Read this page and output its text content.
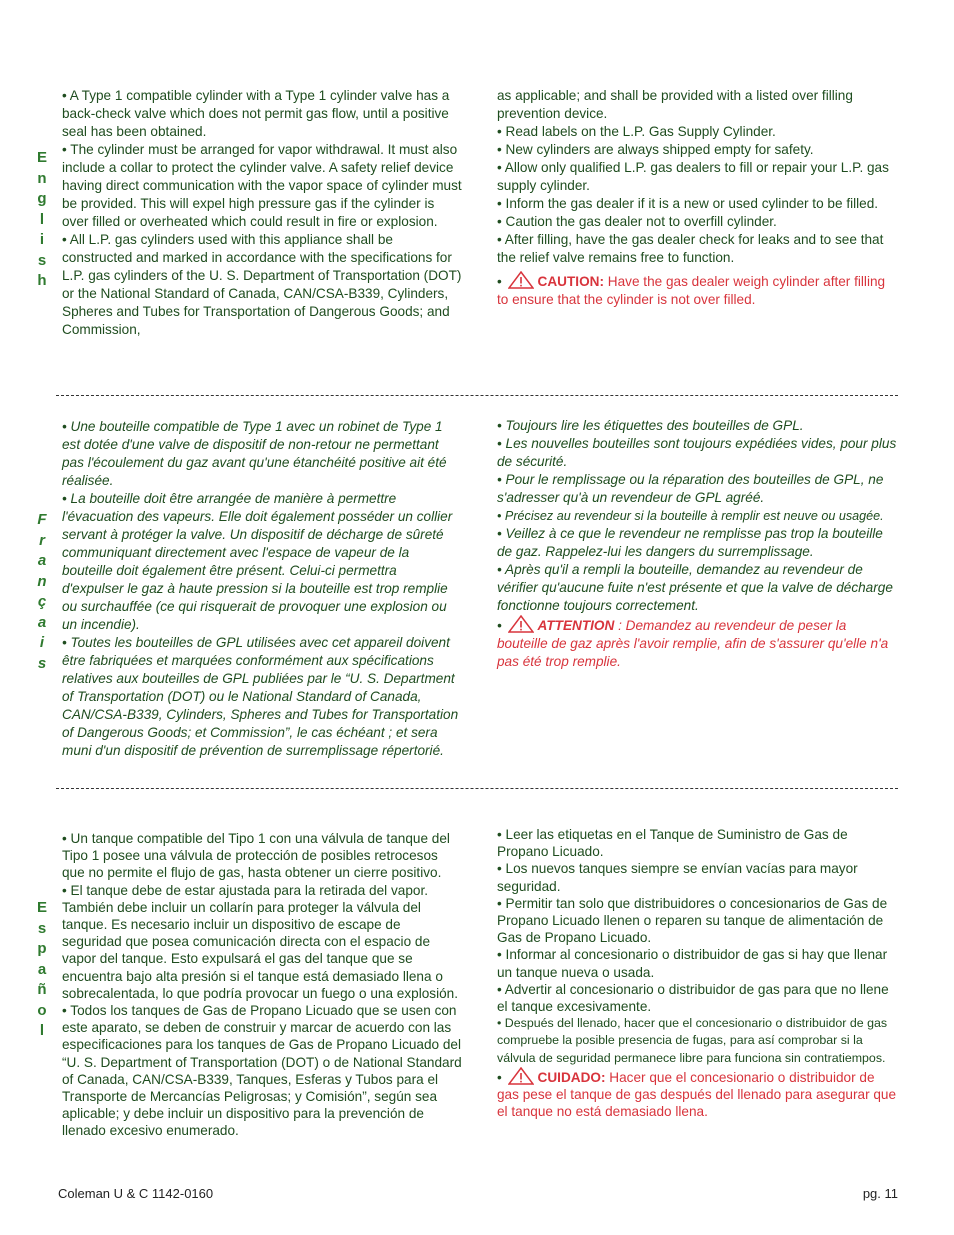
E
n
g
l
i
s
h

• A Type 1 compatible cylinder with a Type 1 cylinder valve has a back-check valve which does not permit gas flow, until a positive seal has been obtained.

• The cylinder must be arranged for vapor withdrawal. It must also include a collar to protect the cylinder valve. A safety relief device having direct communication with the vapor space of cylinder must be provided. This will expel high pressure gas if the cylinder is over filled or overheated which could result in fire or explosion.

• All L.P. gas cylinders used with this appliance shall be constructed and marked in accordance with the specifications for L.P. gas cylinders of the U. S. Department of Transportation (DOT) or the National Standard of Canada, CAN/CSA-B339, Cylinders, Spheres and Tubes for Transportation of Dangerous Goods; and Commission,

as applicable; and shall be provided with a listed over filling prevention device.

• Read labels on the L.P. Gas Supply Cylinder.

• New cylinders are always shipped empty for safety.

• Allow only qualified L.P. gas dealers to fill or repair your L.P. gas supply cylinder.

• Inform the gas dealer if it is a new or used cylinder to be filled.

• Caution the gas dealer not to overfill cylinder.

• After filling, have the gas dealer check for leaks and to see that the relief valve remains free to function.

•	CAUTION: Have the gas dealer weigh cylinder after filling to ensure that the cylinder is not over filled.

F
r
a
n
ç
a
i
s

• Une bouteille compatible de Type 1 avec un robinet de Type 1 est dotée d'une valve de dispositif de non-retour ne permettant pas l'écoulement du gaz avant qu'une étanchéité positive ait été réalisée.

• La bouteille doit être arrangée de manière à permettre l'évacuation des vapeurs. Elle doit également posséder un collier servant à protéger la valve. Un dispositif de décharge de sûreté communiquant directement avec l'espace de vapeur de la bouteille doit également être présent. Celui-ci permettra d'expulser le gaz à haute pression si la bouteille est trop remplie ou surchauffée (ce qui risquerait de provoquer une explosion ou un incendie).

• Toutes les bouteilles de GPL utilisées avec cet appareil doivent être fabriquées et marquées conformément aux spécifications relatives aux bouteilles de GPL publiées par le “U. S. Department of Transportation (DOT) ou le National Standard of Canada, CAN/CSA-B339, Cylinders, Spheres and Tubes for Transportation of Dangerous Goods; et Commission”, le cas échéant ; et sera muni d'un dispositif de prévention de surremplissage répertorié.

• Toujours lire les étiquettes des bouteilles de GPL.

• Les nouvelles bouteilles sont toujours expédiées vides, pour plus de sécurité.

• Pour le remplissage ou la réparation des bouteilles de GPL, ne s'adresser qu'à un revendeur de GPL agréé.

• Précisez au revendeur si la bouteille à remplir est neuve ou usagée.

• Veillez à ce que le revendeur ne remplisse pas trop la bouteille de gaz. Rappelez-lui les dangers du surremplissage.

• Après qu'il a rempli la bouteille, demandez au revendeur de vérifier qu'aucune fuite n'est présente et que la valve de décharge fonctionne toujours correctement.

•	ATTENTION : Demandez au revendeur de peser la bouteille de gaz après l'avoir remplie, afin de s'assurer qu'elle n'a pas été trop remplie.

E
s
p
a
ñ
o
l

• Un tanque compatible del Tipo 1 con una válvula de tanque del Tipo 1 posee una válvula de protección de posibles retrocesos que no permite el flujo de gas, hasta obtener un cierre positivo.

• El tanque debe de estar ajustada para la retirada del vapor. También debe incluir un collarín para proteger la válvula del tanque. Es necesario incluir un dispositivo de escape de seguridad que posea comunicación directa con el espacio de vapor del tanque. Esto expulsará el gas del tanque que se encuentra bajo alta presión si el tanque está demasiado llena o sobrecalentada, lo que podría provocar un fuego o una explosión.

• Todos los tanques de Gas de Propano Licuado que se usen con este aparato, se deben de construir y marcar de acuerdo con las especificaciones para los tanques de Gas de Propano Licuado del “U. S. Department of Transportation (DOT) o de National Standard of Canada, CAN/CSA-B339, Tanques, Esferas y Tubos para el Transporte de Mercancías Peligrosas; y Comisión”, según sea aplicable; y debe incluir un dispositivo para la prevención de llenado excesivo enumerado.

• Leer las etiquetas en el Tanque de Suministro de Gas de Propano Licuado.

• Los nuevos tanques siempre se envían vacías para mayor seguridad.

• Permitir tan solo que distribuidores o concesionarios de Gas de Propano Licuado llenen o reparen su tanque de alimentación de Gas de Propano Licuado.

• Informar al concesionario o distribuidor de gas si hay que llenar un tanque nueva o usada.

• Advertir al concesionario o distribuidor de gas para que no llene el tanque excesivamente.

• Después del llenado, hacer que el concesionario o distribuidor de gas compruebe la posible presencia de fugas, para así comprobar si la válvula de seguridad permanece libre para funciona sin contratiempos.

•	CUIDADO: Hacer que el concesionario o distribuidor de gas pese el tanque de gas después del llenado para asegurar que el tanque no está demasiado llena.

Coleman U & C 1142-0160	pg. 11
